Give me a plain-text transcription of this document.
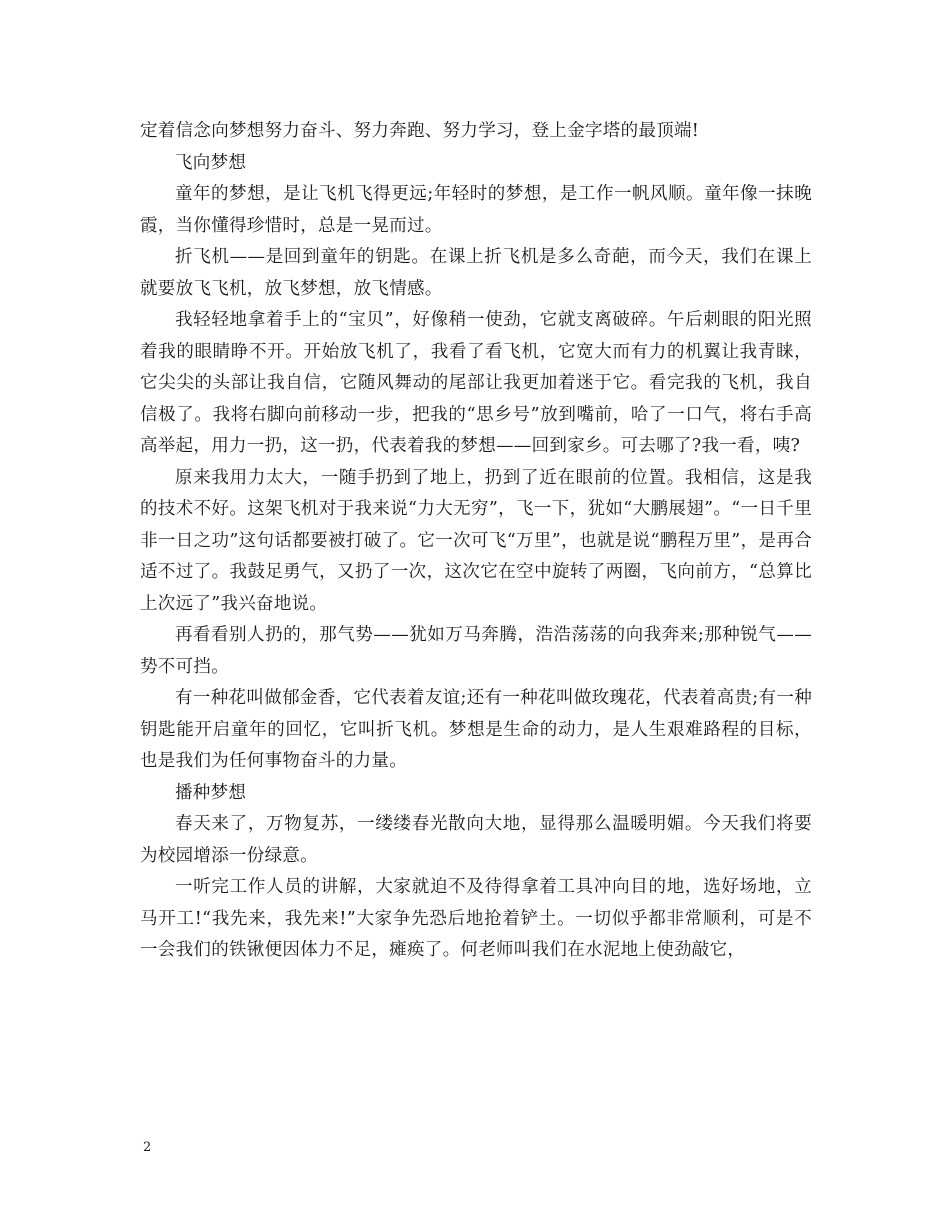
定着信念向梦想努力奋斗、努力奔跑、努力学习，登上金字塔的最顶端!

飞向梦想

童年的梦想，是让飞机飞得更远;年轻时的梦想，是工作一帆风顺。童年像一抹晚霞，当你懂得珍惜时，总是一晃而过。

折飞机——是回到童年的钥匙。在课上折飞机是多么奇葩，而今天，我们在课上就要放飞飞机，放飞梦想，放飞情感。

我轻轻地拿着手上的“宝贝”，好像稍一使劲，它就支离破碎。午后刺眼的阳光照着我的眼睛睁不开。开始放飞机了，我看了看飞机，它宽大而有力的机翼让我青睐，它尖尖的头部让我自信，它随风舞动的尾部让我更加着迷于它。看完我的飞机，我自信极了。我将右脚向前移动一步，把我的“思乡号”放到嘴前，哈了一口气，将右手高高举起，用力一扔，这一扔，代表着我的梦想——回到家乡。可去哪了?我一看，咦?

原来我用力太大，一随手扔到了地上，扔到了近在眼前的位置。我相信，这是我的技术不好。这架飞机对于我来说“力大无穷”，飞一下，犹如“大鹏展翅”。“一日千里非一日之功”这句话都要被打破了。它一次可飞“万里”，也就是说“鹏程万里”，是再合适不过了。我鼓足勇气，又扔了一次，这次它在空中旋转了两圈，飞向前方，“总算比上次远了”我兴奋地说。

再看看别人扔的，那气势——犹如万马奔腾，浩浩荡荡的向我奔来;那种锐气——势不可挡。

有一种花叫做郁金香，它代表着友谊;还有一种花叫做玫瑰花，代表着高贵;有一种钥匙能开启童年的回忆，它叫折飞机。梦想是生命的动力，是人生艰难路程的目标，也是我们为任何事物奋斗的力量。

播种梦想

春天来了，万物复苏，一缕缕春光散向大地，显得那么温暖明媚。今天我们将要为校园增添一份绿意。

一听完工作人员的讲解，大家就迫不及待得拿着工具冲向目的地，选好场地，立马开工!“我先来，我先来!”大家争先恐后地抢着铲土。一切似乎都非常顺利，可是不一会我们的铁锹便因体力不足，瘫痪了。何老师叫我们在水泥地上使劲敲它，

2
